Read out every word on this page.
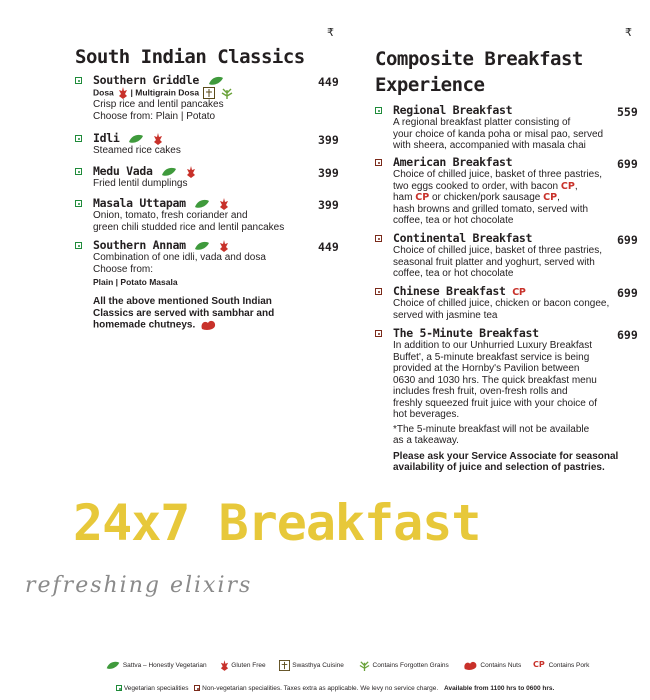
₹	₹
South Indian Classics
Southern Griddle
Dosa | Multigrain Dosa
Crisp rice and lentil pancakes
Choose from: Plain | Potato
449
Idli
Steamed rice cakes
399
Medu Vada
Fried lentil dumplings
399
Masala Uttapam
Onion, tomato, fresh coriander and
green chili studded rice and lentil pancakes
399
Southern Annam
Combination of one idli, vada and dosa
Choose from:
Plain | Potato Masala
449
All the above mentioned South Indian
Classics are served with sambhar and
homemade chutneys.
Composite Breakfast
Experience
Regional Breakfast
A regional breakfast platter consisting of
your choice of kanda poha or misal pao, served
with sheera, accompanied with masala chai
559
American Breakfast
Choice of chilled juice, basket of three pastries,
two eggs cooked to order, with bacon CP,
ham CP or chicken/pork sausage CP,
hash browns and grilled tomato, served with
coffee, tea or hot chocolate
699
Continental Breakfast
Choice of chilled juice, basket of three pastries,
seasonal fruit platter and yoghurt, served with
coffee, tea or hot chocolate
699
Chinese Breakfast CP
Choice of chilled juice, chicken or bacon congee,
served with jasmine tea
699
The 5-Minute Breakfast
In addition to our Unhurried Luxury Breakfast
Buffet', a 5-minute breakfast service is being
provided at the Hornby's Pavilion between
0630 and 1030 hrs. The quick breakfast menu
includes fresh fruit, oven-fresh rolls and
freshly squeezed fruit juice with your choice of
hot beverages.
*The 5-minute breakfast will not be available
as a takeaway.
Please ask your Service Associate for seasonal
availability of juice and selection of pastries.
699
24x7 Breakfast
refreshing elixirs
Sattva – Honestly Vegetarian	Gluten Free	Swasthya Cuisine	Contains Forgotten Grains	Contains Nuts CP Contains Pork
Vegetarian specialities Non-vegetarian specialities. Taxes extra as applicable. We levy no service charge. Available from 1100 hrs to 0600 hrs.
